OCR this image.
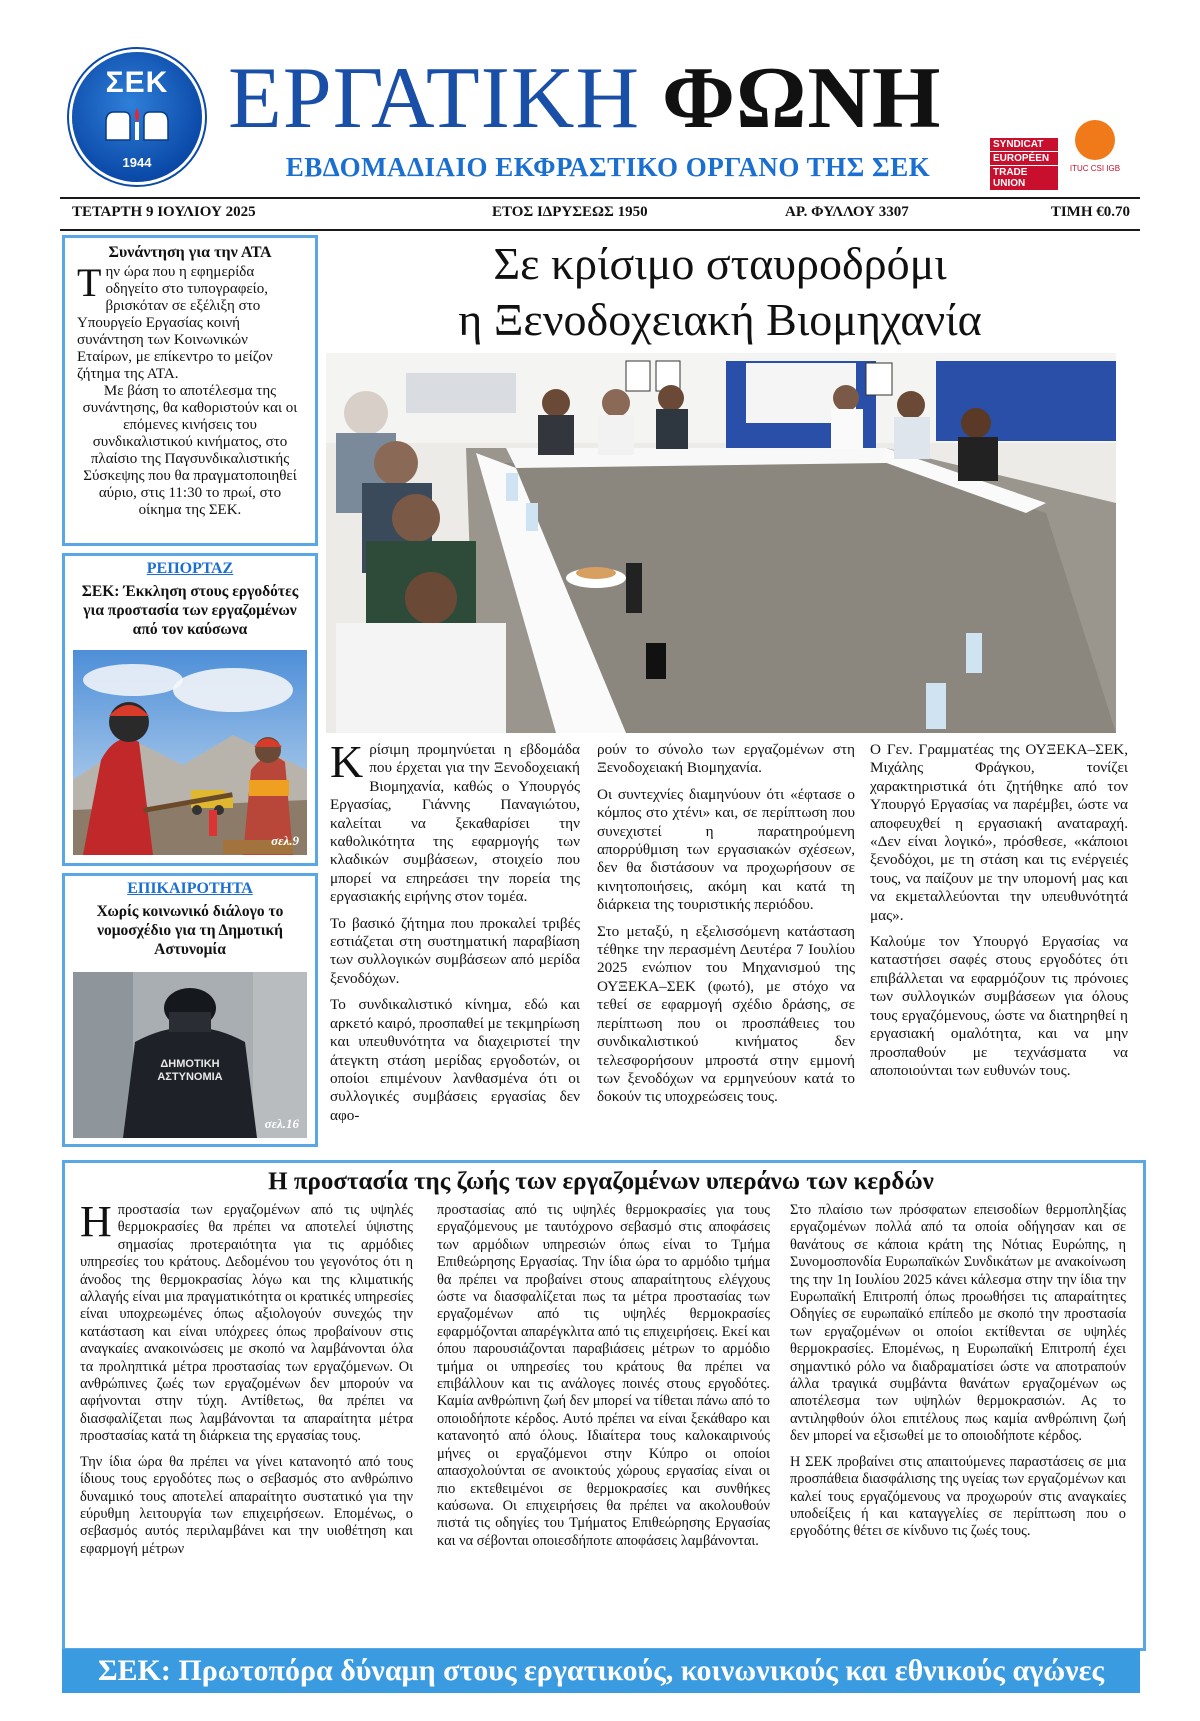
ΣΕΚ
1944
ΕΡΓΑΤΙΚΗ ΦΩΝΗ
ΕΒΔΟΜΑΔΙΑΙΟ ΕΚΦΡΑΣΤΙΚΟ ΟΡΓΑΝΟ ΤΗΣ ΣΕΚ
SYNDICAT
EUROPÉEN
TRADE UNION
ITUC CSI IGB
ΤΕΤΑΡΤΗ 9 ΙΟΥΛΙΟΥ 2025	ΕΤΟΣ ΙΔΡΥΣΕΩΣ 1950	ΑΡ. ΦΥΛΛΟΥ 3307	ΤΙΜΗ €0.70
Συνάντηση για την ΑΤΑ
Την ώρα που η εφημερίδα οδηγείτο στο τυπογραφείο, βρισκόταν σε εξέλιξη στο Υπουργείο Εργασίας κοινή συνάντηση των Κοινωνικών Εταίρων, με επίκεντρο το μείζον ζήτημα της ΑΤΑ.
Με βάση το αποτέλεσμα της συνάντησης, θα καθοριστούν και οι επόμενες κινήσεις του συνδικαλιστικού κινήματος, στο πλαίσιο της Παγσυνδικαλιστικής Σύσκεψης που θα πραγματοποιηθεί αύριο, στις 11:30 το πρωί, στο οίκημα της ΣΕΚ.
ΡΕΠΟΡΤΑΖ
ΣΕΚ: Έκκληση στους εργοδότες για προστασία των εργαζομένων από τον καύσωνα
σελ.9
ΕΠΙΚΑΙΡΟΤΗΤΑ
Χωρίς κοινωνικό διάλογο το νομοσχέδιο για τη Δημοτική Αστυνομία
ΔΗΜΟΤΙΚΗ ΑΣΤΥΝΟΜΙΑ
σελ.16
Σε κρίσιμο σταυροδρόμι
η Ξενοδοχειακή Βιομηχανία

Κρίσιμη προμηνύεται η εβδομάδα που έρχεται για την Ξενοδοχειακή Βιομηχανία, καθώς ο Υπουργός Εργασίας, Γιάννης Παναγιώτου, καλείται να ξεκαθαρίσει την καθολικότητα της εφαρμογής των κλαδικών συμβάσεων, στοιχείο που μπορεί να επηρεάσει την πορεία της εργασιακής ειρήνης στον τομέα.

Το βασικό ζήτημα που προκαλεί τριβές εστιάζεται στη συστηματική παραβίαση των συλλογικών συμβάσεων από μερίδα ξενοδόχων.

Το συνδικαλιστικό κίνημα, εδώ και αρκετό καιρό, προσπαθεί με τεκμηρίωση και υπευθυνότητα να διαχειριστεί την άτεγκτη στάση μερίδας εργοδοτών, οι οποίοι επιμένουν λανθασμένα ότι οι συλλογικές συμβάσεις εργασίας δεν αφο-

ρούν το σύνολο των εργαζομένων στη Ξενοδοχειακή Βιομηχανία.

Οι συντεχνίες διαμηνύουν ότι «έφτασε ο κόμπος στο χτένι» και, σε περίπτωση που συνεχιστεί η παρατηρούμενη απορρύθμιση των εργασιακών σχέσεων, δεν θα διστάσουν να προχωρήσουν σε κινητοποιήσεις, ακόμη και κατά τη διάρκεια της τουριστικής περιόδου.

Στο μεταξύ, η εξελισσόμενη κατάσταση τέθηκε την περασμένη Δευτέρα 7 Ιουλίου 2025 ενώπιον του Μηχανισμού της ΟΥΞΕΚΑ–ΣΕΚ (φωτό), με στόχο να τεθεί σε εφαρμογή σχέδιο δράσης, σε περίπτωση που οι προσπάθειες του συνδικαλιστικού κινήματος δεν τελεσφορήσουν μπροστά στην εμμονή των ξενοδόχων να ερμηνεύουν κατά το δοκούν τις υποχρεώσεις τους.

Ο Γεν. Γραμματέας της ΟΥΞΕΚΑ–ΣΕΚ, Μιχάλης Φράγκου, τονίζει χαρακτηριστικά ότι ζητήθηκε από τον Υπουργό Εργασίας να παρέμβει, ώστε να αποφευχθεί η εργασιακή αναταραχή. «Δεν είναι λογικό», πρόσθεσε, «κάποιοι ξενοδόχοι, με τη στάση και τις ενέργειές τους, να παίζουν με την υπομονή μας και να εκμεταλλεύονται την υπευθυνότητά μας».

Καλούμε τον Υπουργό Εργασίας να καταστήσει σαφές στους εργοδότες ότι επιβάλλεται να εφαρμόζουν τις πρόνοιες των συλλογικών συμβάσεων για όλους τους εργαζόμενους, ώστε να διατηρηθεί η εργασιακή ομαλότητα, και να μην προσπαθούν με τεχνάσματα να αποποιούνται των ευθυνών τους.

Η προστασία της ζωής των εργαζομένων υπεράνω των κερδών

Ηπροστασία των εργαζομένων από τις υψηλές θερμοκρασίες θα πρέπει να αποτελεί ύψιστης σημασίας προτεραιότητα για τις αρμόδιες υπηρεσίες του κράτους. Δεδομένου του γεγονότος ότι η άνοδος της θερμοκρασίας λόγω και της κλιματικής αλλαγής είναι μια πραγματικότητα οι κρατικές υπηρεσίες είναι υποχρεωμένες όπως αξιολογούν συνεχώς την κατάσταση και είναι υπόχρεες όπως προβαίνουν στις αναγκαίες ανακοινώσεις με σκοπό να λαμβάνονται όλα τα προληπτικά μέτρα προστασίας των εργαζόμενων. Οι ανθρώπινες ζωές των εργαζομένων δεν μπορούν να αφήνονται στην τύχη. Αντίθετως, θα πρέπει να διασφαλίζεται πως λαμβάνονται τα απαραίτητα μέτρα προστασίας κατά τη διάρκεια της εργασίας τους.

Την ίδια ώρα θα πρέπει να γίνει κατανοητό από τους ίδιους τους εργοδότες πως ο σεβασμός στο ανθρώπινο δυναμικό τους αποτελεί απαραίτητο συστατικό για την εύρυθμη λειτουργία των επιχειρήσεων. Επομένως, ο σεβασμός αυτός περιλαμβάνει και την υιοθέτηση και εφαρμογή μέτρων

προστασίας από τις υψηλές θερμοκρασίες για τους εργαζόμενους με ταυτόχρονο σεβασμό στις αποφάσεις των αρμόδιων υπηρεσιών όπως είναι το Τμήμα Επιθεώρησης Εργασίας. Την ίδια ώρα το αρμόδιο τμήμα θα πρέπει να προβαίνει στους απαραίτητους ελέγχους ώστε να διασφαλίζεται πως τα μέτρα προστασίας των εργαζομένων από τις υψηλές θερμοκρασίες εφαρμόζονται απαρέγκλιτα από τις επιχειρήσεις. Εκεί και όπου παρουσιάζονται παραβιάσεις μέτρων το αρμόδιο τμήμα οι υπηρεσίες του κράτους θα πρέπει να επιβάλλουν και τις ανάλογες ποινές στους εργοδότες. Καμία ανθρώπινη ζωή δεν μπορεί να τίθεται πάνω από το οποιοδήποτε κέρδος. Αυτό πρέπει να είναι ξεκάθαρο και κατανοητό από όλους. Ιδιαίτερα τους καλοκαιρινούς μήνες οι εργαζόμενοι στην Κύπρο οι οποίοι απασχολούνται σε ανοικτούς χώρους εργασίας είναι οι πιο εκτεθειμένοι σε θερμοκρασίες και συνθήκες καύσωνα. Οι επιχειρήσεις θα πρέπει να ακολουθούν πιστά τις οδηγίες του Τμήματος Επιθεώρησης Εργασίας και να σέβονται οποιεσδήποτε αποφάσεις λαμβάνονται.

Στο πλαίσιο των πρόσφατων επεισοδίων θερμοπληξίας εργαζομένων πολλά από τα οποία οδήγησαν και σε θανάτους σε κάποια κράτη της Νότιας Ευρώπης, η Συνομοσπονδία Ευρωπαϊκών Συνδικάτων με ανακοίνωση της την 1η Ιουλίου 2025 κάνει κάλεσμα στην την ίδια την Ευρωπαϊκή Επιτροπή όπως προωθήσει τις απαραίτητες Οδηγίες σε ευρωπαϊκό επίπεδο με σκοπό την προστασία των εργαζομένων οι οποίοι εκτίθενται σε υψηλές θερμοκρασίες. Επομένως, η Ευρωπαϊκή Επιτροπή έχει σημαντικό ρόλο να διαδραματίσει ώστε να αποτραπούν άλλα τραγικά συμβάντα θανάτων εργαζομένων ως αποτέλεσμα των υψηλών θερμοκρασιών. Ας το αντιληφθούν όλοι επιτέλους πως καμία ανθρώπινη ζωή δεν μπορεί να εξισωθεί με το οποιοδήποτε κέρδος.

Η ΣΕΚ προβαίνει στις απαιτούμενες παραστάσεις σε μια προσπάθεια διασφάλισης της υγείας των εργαζομένων και καλεί τους εργαζόμενους να προχωρούν στις αναγκαίες υποδείξεις ή και καταγγελίες σε περίπτωση που ο εργοδότης θέτει σε κίνδυνο τις ζωές τους.

ΣΕΚ: Πρωτοπόρα δύναμη στους εργατικούς, κοινωνικούς και εθνικούς αγώνες
